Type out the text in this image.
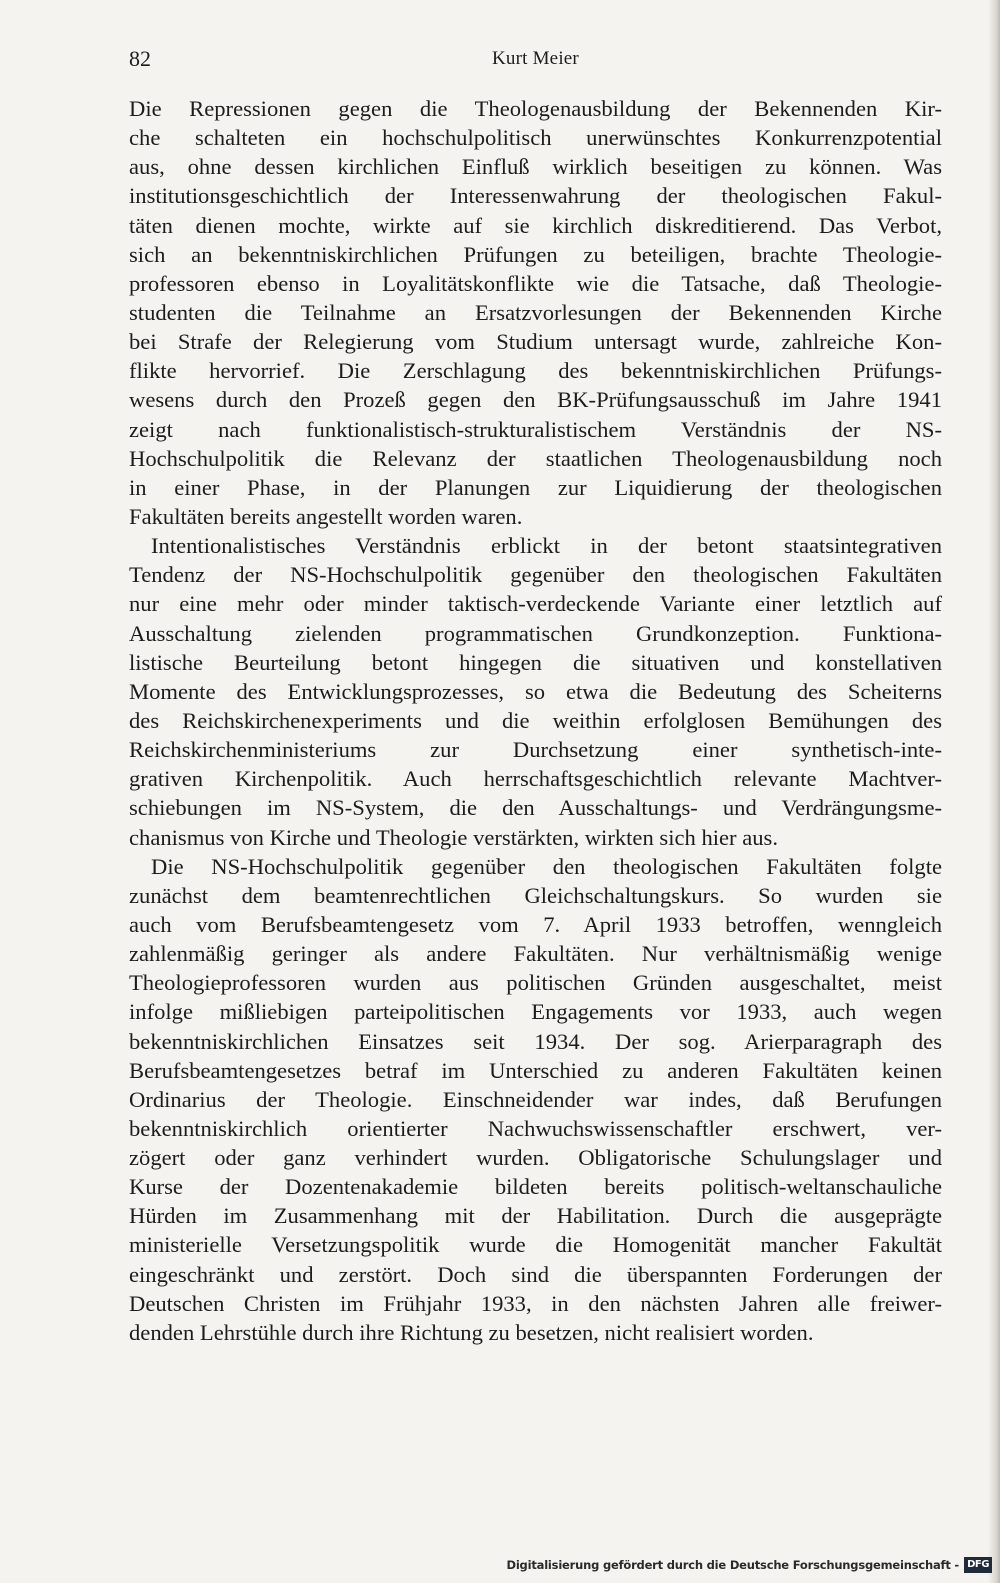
82	Kurt Meier

Die Repressionen gegen die Theologenausbildung der Bekennenden Kir-
che schalteten ein hochschulpolitisch unerwünschtes Konkurrenzpotential
aus, ohne dessen kirchlichen Einfluß wirklich beseitigen zu können. Was
institutionsgeschichtlich der Interessenwahrung der theologischen Fakul-
täten dienen mochte, wirkte auf sie kirchlich diskreditierend. Das Verbot,
sich an bekenntniskirchlichen Prüfungen zu beteiligen, brachte Theologie-
professoren ebenso in Loyalitätskonflikte wie die Tatsache, daß Theologie-
studenten die Teilnahme an Ersatzvorlesungen der Bekennenden Kirche
bei Strafe der Relegierung vom Studium untersagt wurde, zahlreiche Kon-
flikte hervorrief. Die Zerschlagung des bekenntniskirchlichen Prüfungs-
wesens durch den Prozeß gegen den BK-Prüfungsausschuß im Jahre 1941
zeigt nach funktionalistisch-strukturalistischem Verständnis der NS-
Hochschulpolitik die Relevanz der staatlichen Theologenausbildung noch
in einer Phase, in der Planungen zur Liquidierung der theologischen
Fakultäten bereits angestellt worden waren.

Intentionalistisches Verständnis erblickt in der betont staatsintegrativen
Tendenz der NS-Hochschulpolitik gegenüber den theologischen Fakultäten
nur eine mehr oder minder taktisch-verdeckende Variante einer letztlich auf
Ausschaltung zielenden programmatischen Grundkonzeption. Funktiona-
listische Beurteilung betont hingegen die situativen und konstellativen
Momente des Entwicklungsprozesses, so etwa die Bedeutung des Scheiterns
des Reichskirchenexperiments und die weithin erfolglosen Bemühungen des
Reichskirchenministeriums zur Durchsetzung einer synthetisch-inte-
grativen Kirchenpolitik. Auch herrschaftsgeschichtlich relevante Machtver-
schiebungen im NS-System, die den Ausschaltungs- und Verdrängungsme-
chanismus von Kirche und Theologie verstärkten, wirkten sich hier aus.

Die NS-Hochschulpolitik gegenüber den theologischen Fakultäten folgte
zunächst dem beamtenrechtlichen Gleichschaltungskurs. So wurden sie
auch vom Berufsbeamtengesetz vom 7. April 1933 betroffen, wenngleich
zahlenmäßig geringer als andere Fakultäten. Nur verhältnismäßig wenige
Theologieprofessoren wurden aus politischen Gründen ausgeschaltet, meist
infolge mißliebigen parteipolitischen Engagements vor 1933, auch wegen
bekenntniskirchlichen Einsatzes seit 1934. Der sog. Arierparagraph des
Berufsbeamtengesetzes betraf im Unterschied zu anderen Fakultäten keinen
Ordinarius der Theologie. Einschneidender war indes, daß Berufungen
bekenntniskirchlich orientierter Nachwuchswissenschaftler erschwert, ver-
zögert oder ganz verhindert wurden. Obligatorische Schulungslager und
Kurse der Dozentenakademie bildeten bereits politisch-weltanschauliche
Hürden im Zusammenhang mit der Habilitation. Durch die ausgeprägte
ministerielle Versetzungspolitik wurde die Homogenität mancher Fakultät
eingeschränkt und zerstört. Doch sind die überspannten Forderungen der
Deutschen Christen im Frühjahr 1933, in den nächsten Jahren alle freiwer-
denden Lehrstühle durch ihre Richtung zu besetzen, nicht realisiert worden.

Digitalisierung gefördert durch die Deutsche Forschungsgemeinschaft - DFG
